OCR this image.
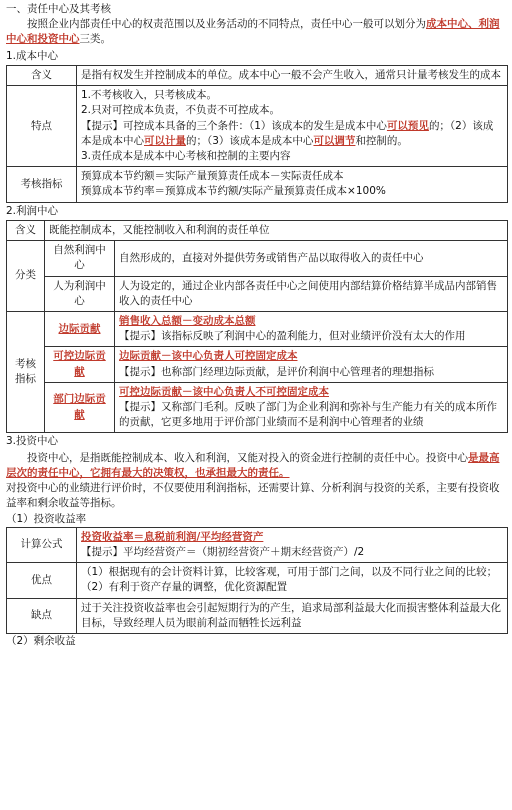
一、责任中心及其考核

按照企业内部责任中心的权责范围以及业务活动的不同特点，责任中心一般可以划分为成本中心、利润中心和投资中心三类。

1.成本中心

含义	是指有权发生并控制成本的单位。成本中心一般不会产生收入，通常只计量考核发生的成本
特点	1.不考核收入，只考核成本。
2.只对可控成本负责，不负责不可控成本。
【提示】可控成本具备的三个条件：（1）该成本的发生是成本中心可以预见的；（2）该成本是成本中心可以计量的；（3）该成本是成本中心可以调节和控制的。
3.责任成本是成本中心考核和控制的主要内容

考核指标	预算成本节约额＝实际产量预算责任成本－实际责任成本
预算成本节约率＝预算成本节约额/实际产量预算责任成本×100%

2.利润中心

含义	既能控制成本，又能控制收入和利润的责任单位	
分类	自然利润中心	自然形成的，直接对外提供劳务或销售产品以取得收入的责任中心
	人为利润中心	人为设定的，通过企业内部各责任中心之间使用内部结算价格结算半成品内部销售收入的责任中心
考核指标	边际贡献	销售收入总额－变动成本总额
【提示】该指标反映了利润中心的盈利能力，但对业绩评价没有太大的作用

	可控边际贡献	边际贡献－该中心负责人可控固定成本
【提示】也称部门经理边际贡献，是评价利润中心管理者的理想指标

	部门边际贡献	可控边际贡献－该中心负责人不可控固定成本
【提示】又称部门毛利。反映了部门为企业利润和弥补与生产能力有关的成本所作的贡献，它更多地用于评价部门业绩而不是利润中心管理者的业绩

3.投资中心

投资中心，是指既能控制成本、收入和利润，又能对投入的资金进行控制的责任中心。投资中心是最高层次的责任中心，它拥有最大的决策权，也承担最大的责任。

对投资中心的业绩进行评价时，不仅要使用利润指标，还需要计算、分析利润与投资的关系，主要有投资收益率和剩余收益等指标。

（1）投资收益率

计算公式	投资收益率＝息税前利润/平均经营资产
【提示】平均经营资产＝（期初经营资产＋期末经营资产）/2

优点	（1）根据现有的会计资料计算，比较客观，可用于部门之间，以及不同行业之间的比较；
（2）有利于资产存量的调整，优化资源配置

缺点	过于关注投资收益率也会引起短期行为的产生，追求局部利益最大化而损害整体利益最大化目标，导致经理人员为眼前利益而牺牲长远利益

（2）剩余收益
